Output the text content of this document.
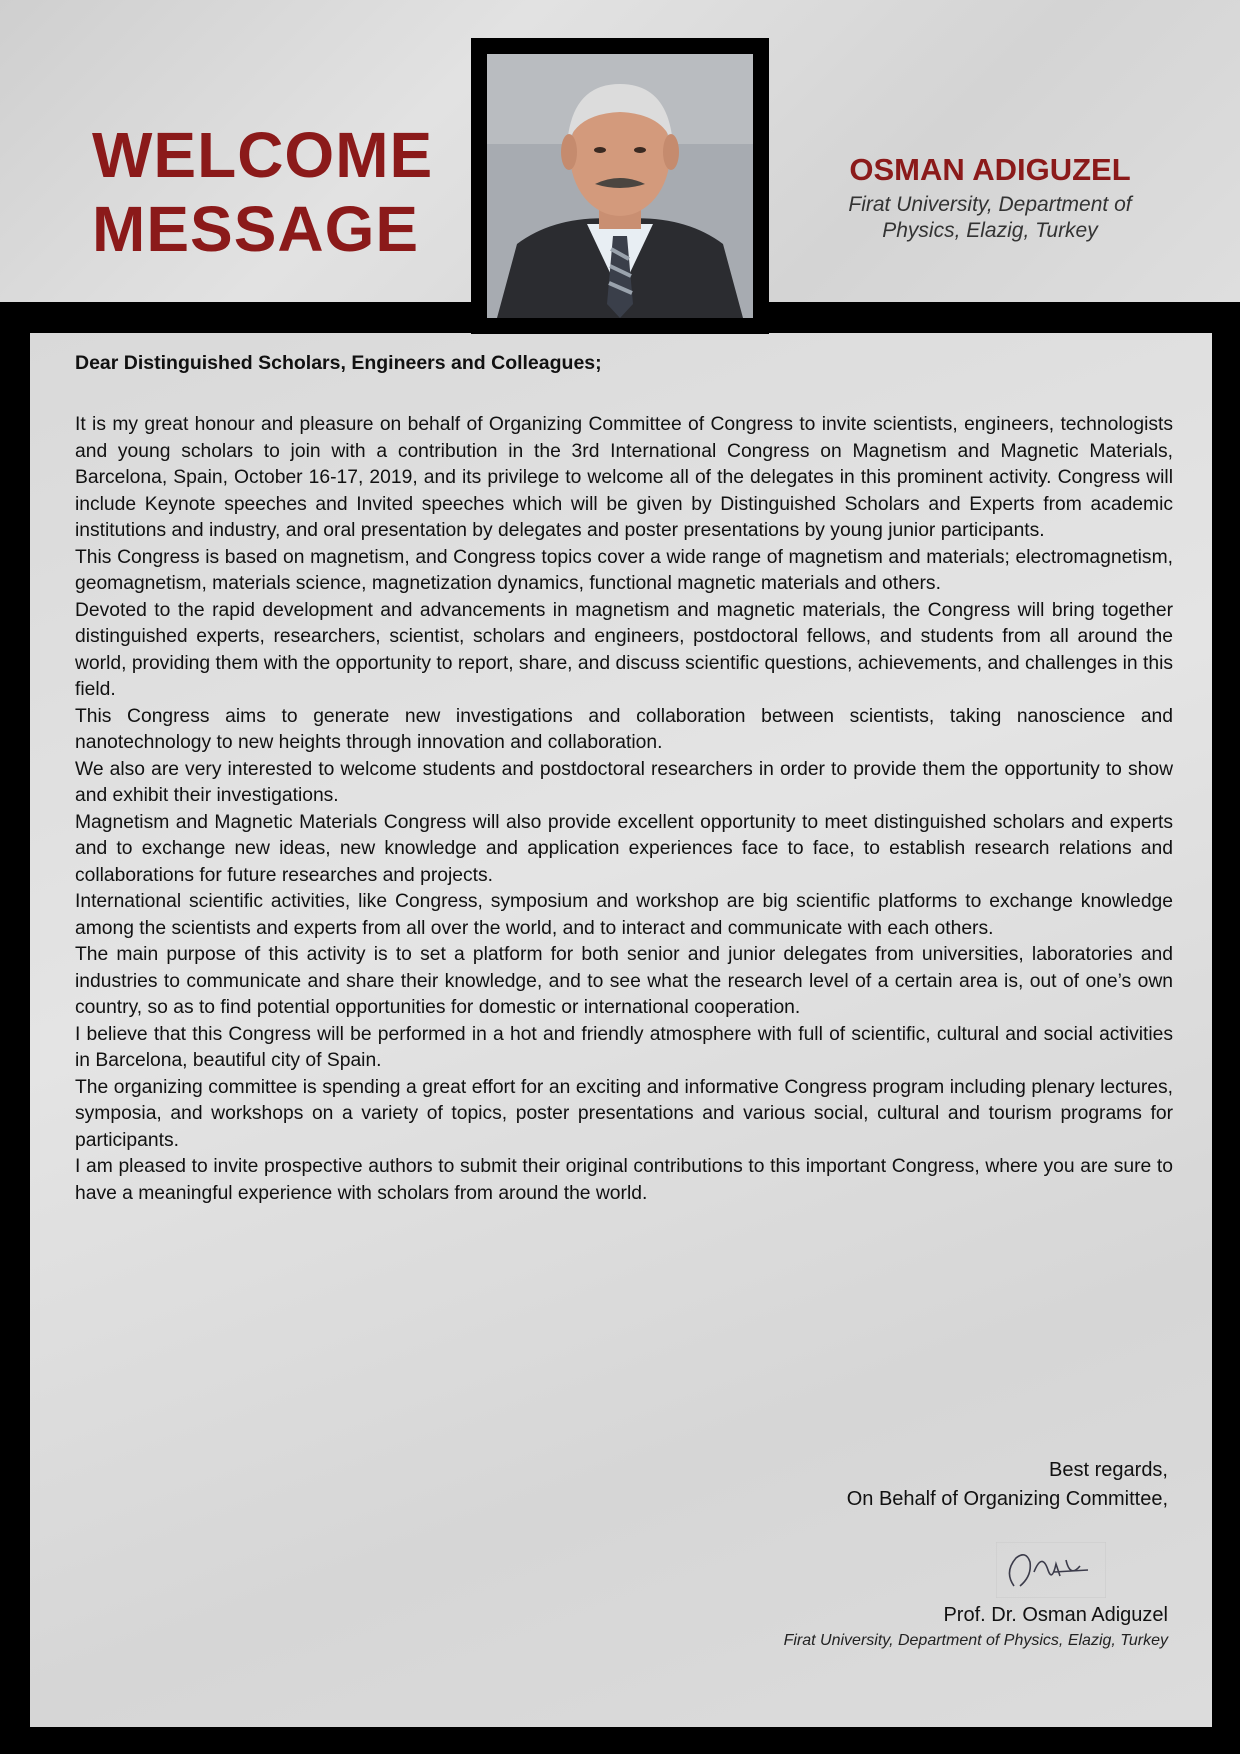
WELCOME
MESSAGE

OSMAN ADIGUZEL

Firat University, Department of
Physics, Elazig, Turkey

Dear Distinguished Scholars, Engineers and Colleagues;

It is my great honour and pleasure on behalf of Organizing Committee of Congress to invite scientists, engineers, technologists and young scholars to join with a contribution in the 3rd International Congress on Magnetism and Magnetic Materials, Barcelona, Spain, October 16-17, 2019, and its privilege to welcome all of the delegates in this prominent activity. Congress will include Keynote speeches and Invited speeches which will be given by Distinguished Scholars and Experts from academic institutions and industry, and oral presentation by delegates and poster presentations by young junior participants.

This Congress is based on magnetism, and Congress topics cover a wide range of magnetism and materials; electromagnetism, geomagnetism, materials science, magnetization dynamics, functional magnetic materials and others.

Devoted to the rapid development and advancements in magnetism and magnetic materials, the Congress will bring together distinguished experts, researchers, scientist, scholars and engineers, postdoctoral fellows, and students from all around the world, providing them with the opportunity to report, share, and discuss scientific questions, achievements, and challenges in this field.

This Congress aims to generate new investigations and collaboration between scientists, taking nanoscience and nanotechnology to new heights through innovation and collaboration.

We also are very interested to welcome students and postdoctoral researchers in order to provide them the opportunity to show and exhibit their investigations.

Magnetism and Magnetic Materials Congress will also provide excellent opportunity to meet distinguished scholars and experts and to exchange new ideas, new knowledge and application experiences face to face, to establish research relations and collaborations for future researches and projects.

International scientific activities, like Congress, symposium and workshop are big scientific platforms to exchange knowledge among the scientists and experts from all over the world, and to interact and communicate with each others.

The main purpose of this activity is to set a platform for both senior and junior delegates from universities, laboratories and industries to communicate and share their knowledge, and to see what the research level of a certain area is, out of one’s own country, so as to find potential opportunities for domestic or international cooperation.

I believe that this Congress will be performed in a hot and friendly atmosphere with full of scientific, cultural and social activities in Barcelona, beautiful city of Spain.

The organizing committee is spending a great effort for an exciting and informative Congress program including plenary lectures, symposia, and workshops on a variety of topics, poster presentations and various social, cultural and tourism programs for participants.

I am pleased to invite prospective authors to submit their original contributions to this important Congress, where you are sure to have a meaningful experience with scholars from around the world.

Best regards,
On Behalf of Organizing Committee,
Prof. Dr. Osman Adiguzel
Firat University, Department of Physics, Elazig, Turkey
